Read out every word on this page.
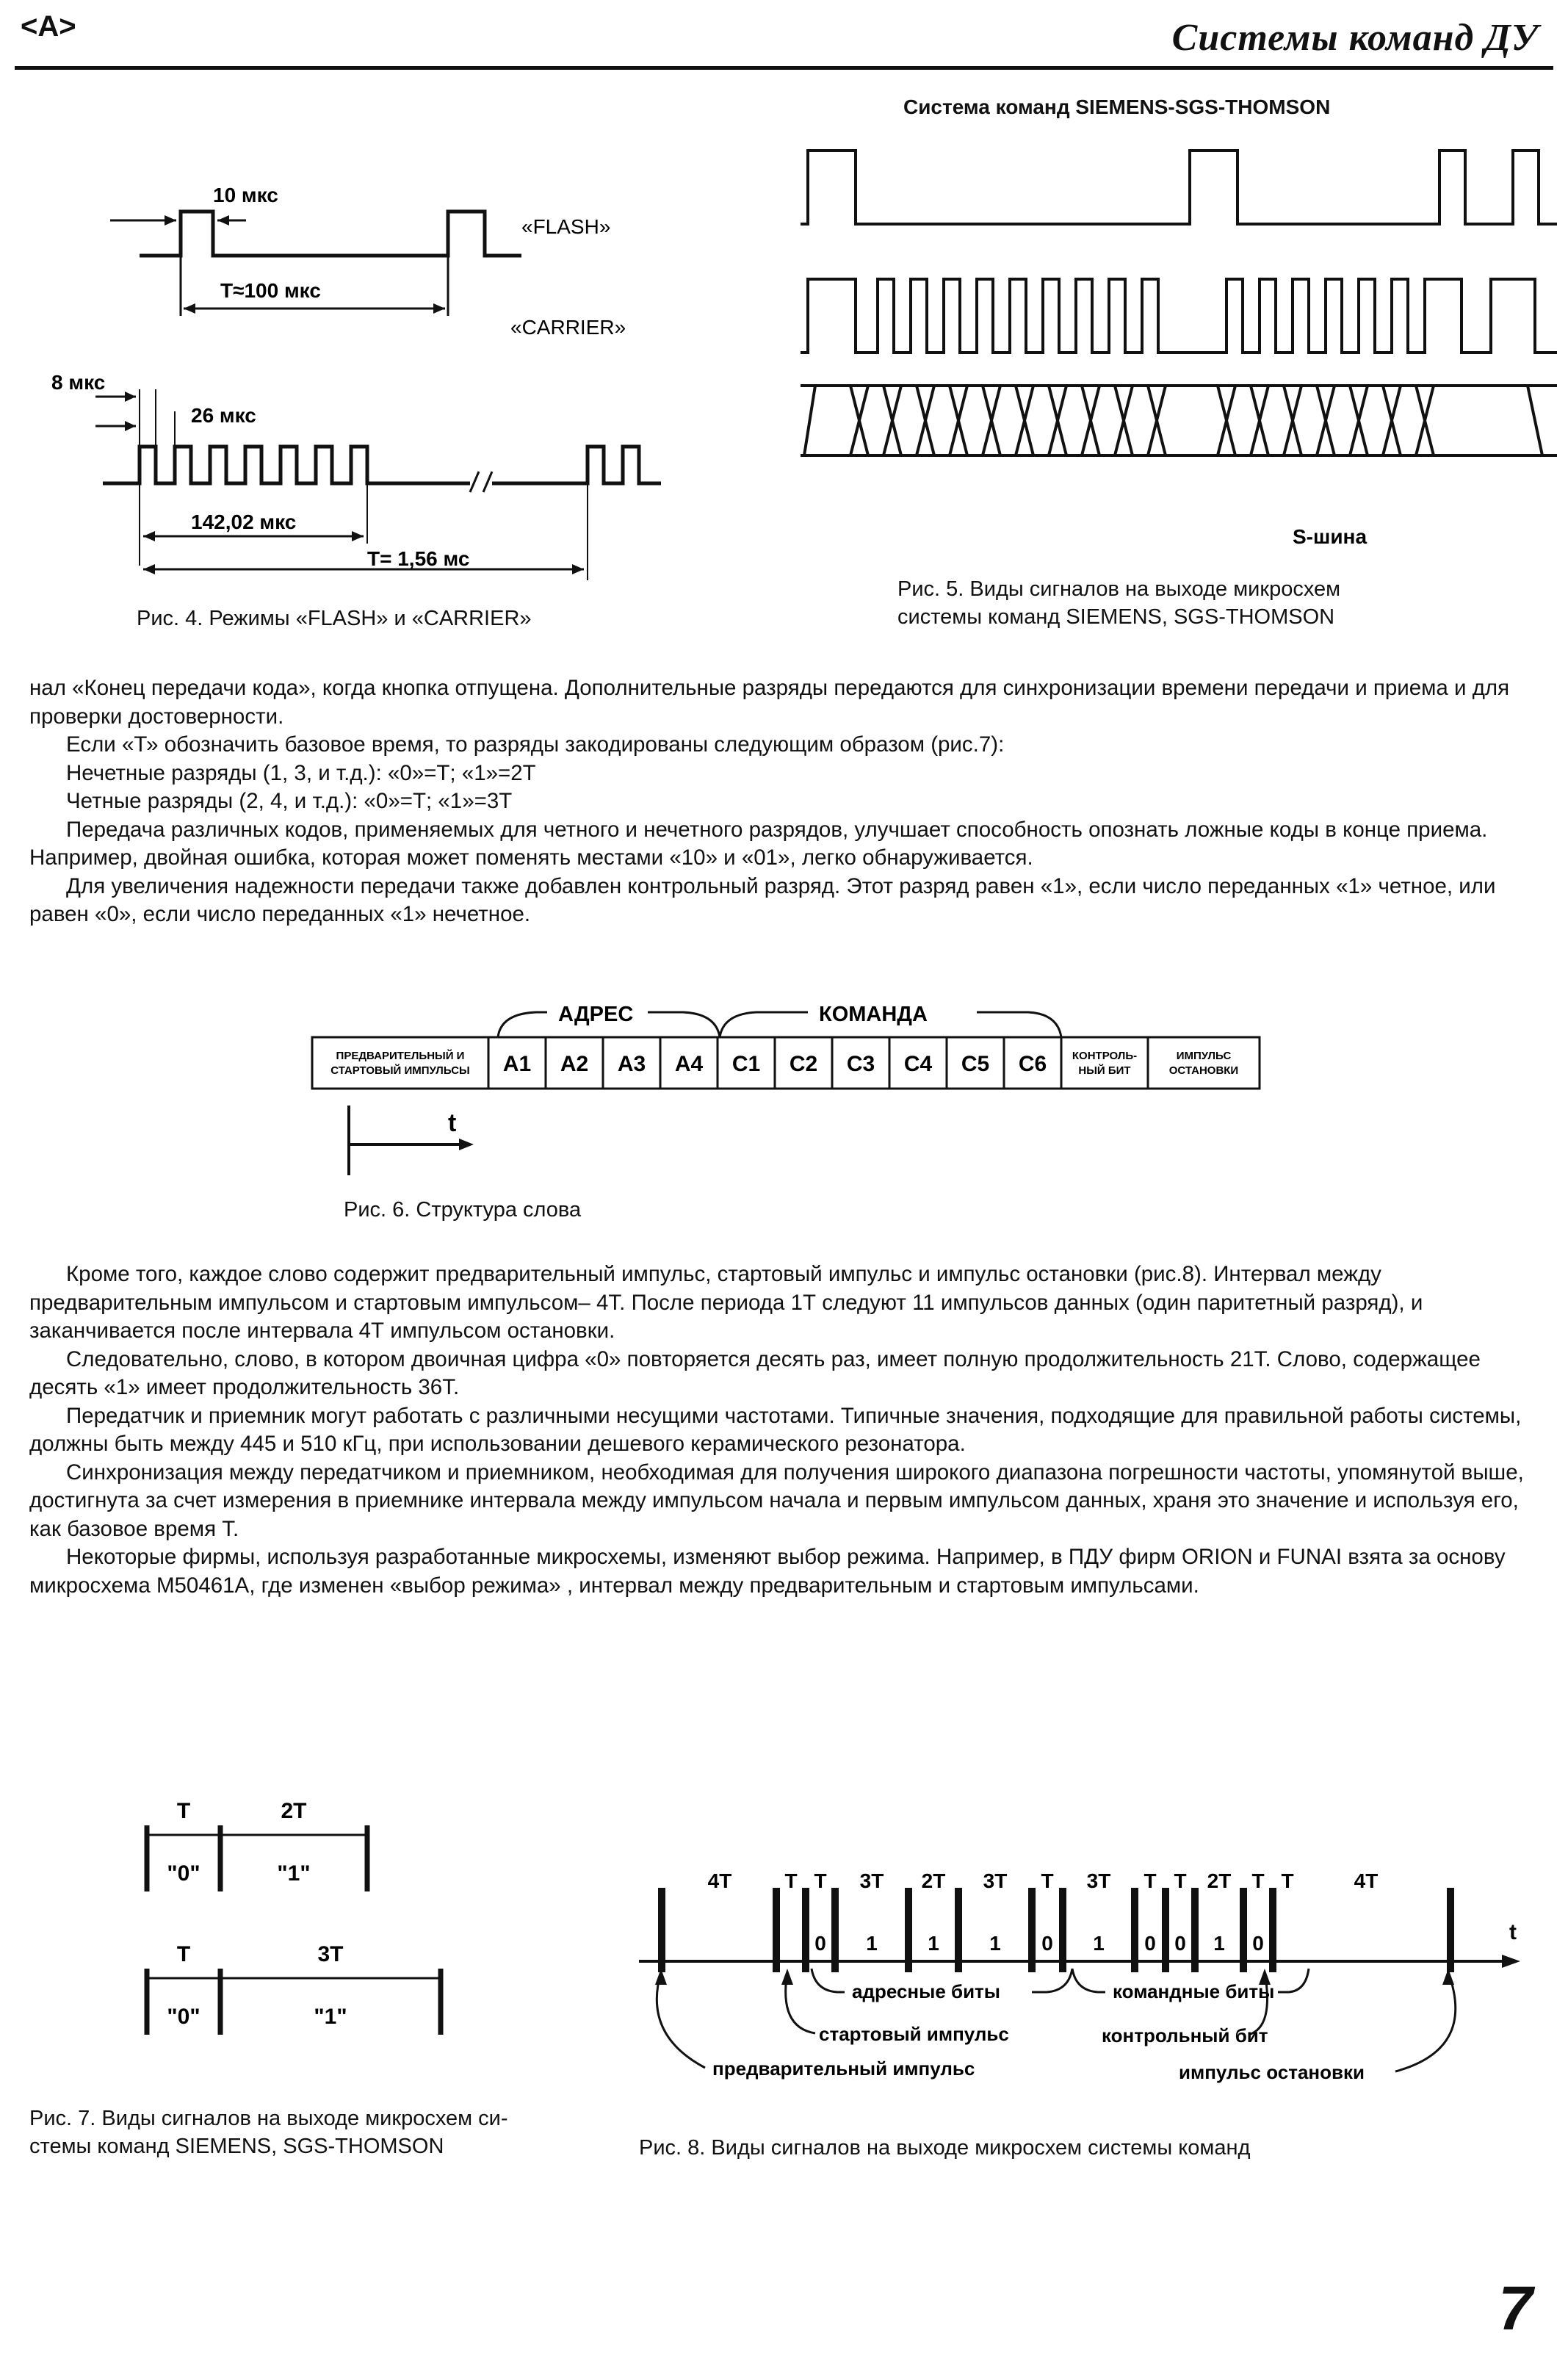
<A>	Системы команд ДУ
10 мкс
T≈100 мкс
«FLASH»
«CARRIER»
8 мкс
26 мкс
142,02 мкс
T= 1,56 мс
Рис. 4. Режимы «FLASH» и «CARRIER»
Система команд SIEMENS-SGS-THOMSON
S-шина
Рис. 5. Виды сигналов на выходе микросхем
системы команд SIEMENS, SGS-THOMSON

нал «Конец передачи кода», когда кнопка отпущена. Дополнительные разряды передаются для синхронизации времени передачи и приема и для проверки достоверности.

Если «Т» обозначить базовое время, то разряды закодированы следующим образом (рис.7):

Нечетные разряды (1, 3, и т.д.): «0»=Т; «1»=2Т

Четные разряды (2, 4, и т.д.): «0»=Т; «1»=3Т

Передача различных кодов, применяемых для четного и нечетного разрядов, улучшает способность опознать ложные коды в конце приема. Например, двойная ошибка, которая может поменять местами «10» и «01», легко обнаруживается.

Для увеличения надежности передачи также добавлен контрольный разряд. Этот разряд равен «1», если число переданных «1» четное, или равен «0», если число переданных «1» нечетное.

АДРЕС	КОМАНДА
ПРЕДВАРИТЕЛЬНЫЙ И
СТАРТОВЫЙ ИМПУЛЬСЫ A1 A2 A3 A4 C1 C2 C3 C4 C5 C6 КОНТРОЛЬ-
НЫЙ БИТ
ИМПУЛЬС
ОСТАНОВКИ
t
Рис. 6. Структура слова

Кроме того, каждое слово содержит предварительный импульс, стартовый импульс и импульс остановки (рис.8). Интервал между предварительным импульсом и стартовым импульсом– 4Т. После периода 1Т следуют 11 импульсов данных (один паритетный разряд), и заканчивается после интервала 4Т импульсом остановки.

Следовательно, слово, в котором двоичная цифра «0» повторяется десять раз, имеет полную продолжительность 21Т. Слово, содержащее десять «1» имеет продолжительность 36Т.

Передатчик и приемник могут работать с различными несущими частотами. Типичные значения, подходящие для правильной работы системы, должны быть между 445 и 510 кГц, при использовании дешевого керамического резонатора.

Синхронизация между передатчиком и приемником, необходимая для получения широкого диапазона погрешности частоты, упомянутой выше, достигнута за счет измерения в приемнике интервала между импульсом начала и первым импульсом данных, храня это значение и используя его, как базовое время Т.

Некоторые фирмы, используя разработанные микросхемы, изменяют выбор режима. Например, в ПДУ фирм ORION и FUNAI взята за основу микросхема M50461A, где изменен «выбор режима» , интервал между предварительным и стартовым импульсами.

T	2T
"0"	"1"
T	3T
"0"	"1"
Рис. 7. Виды сигналов на выходе микросхем си-
стемы команд SIEMENS, SGS-THOMSON
t
4T	T T 3T 2T 3T T 3T T T 2T T T	4T
0 1 1 1 0 1 0 0 1 0
адресные биты	командные биты
стартовый импульс	контрольный бит
предварительный импульс	импульс остановки
Рис. 8. Виды сигналов на выходе микросхем системы команд
7
